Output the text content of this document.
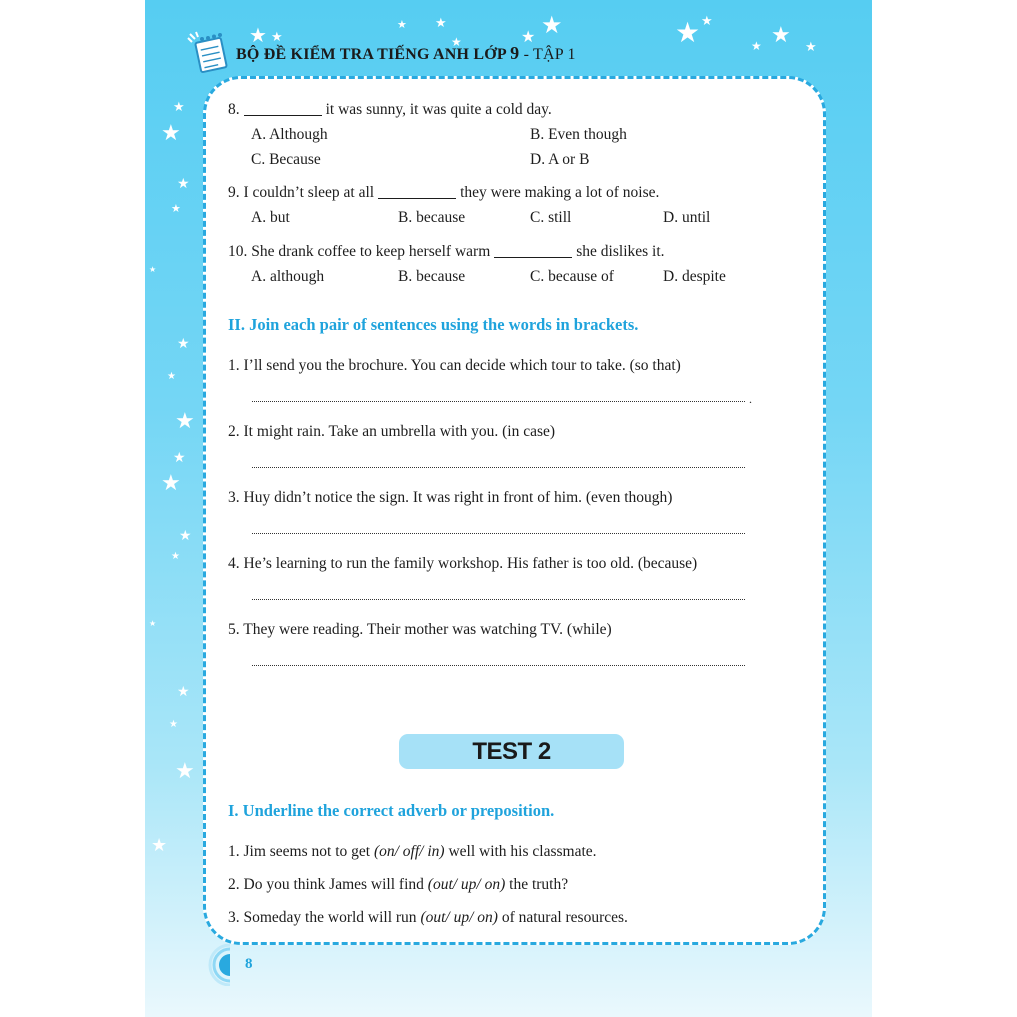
★ ★
★ ★
★	★ ★	★ ★
★ ★ ★
★
★
★
★
★
★
★
★
★
★
★
★
★
★
★
★
★
BỘ ĐỀ KIỂM TRA TIẾNG ANH LỚP 9 - TẬP 1
8.	it was sunny, it was quite a cold day.
A. Although	B. Even though
C. Because	D. A or B
9. I couldn’t sleep at all	they were making a lot of noise.
A. but	B. because	C. still	D. until
10. She drank coffee to keep herself warm	she dislikes it.
A. although	B. because	C. because of	D. despite
II. Join each pair of sentences using the words in brackets.
1. I’ll send you the brochure. You can decide which tour to take. (so that)
.
2. It might rain. Take an umbrella with you. (in case)
3. Huy didn’t notice the sign. It was right in front of him. (even though)
4. He’s learning to run the family workshop. His father is too old. (because)
5. They were reading. Their mother was watching TV. (while)
TEST 2
I. Underline the correct adverb or preposition.
1. Jim seems not to get (on/ off/ in) well with his classmate.
2. Do you think James will find (out/ up/ on) the truth?
3. Someday the world will run (out/ up/ on) of natural resources.
8
